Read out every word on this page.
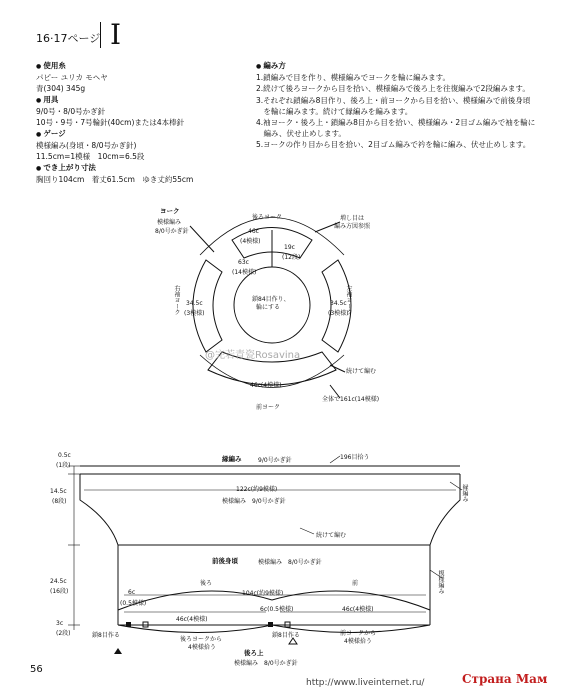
16·17ページ I
● 使用糸
パピー ユリカ モヘヤ
青(304) 345g
● 用具
9/0号・8/0号かぎ針
10号・9号・7号輪針(40cm)または4本棒針
● ゲージ
模様編み(身頃・8/0号かぎ針)
11.5cm=1模様　10cm=6.5段
● でき上がり寸法
胸回り104cm　着丈61.5cm　ゆき丈約55cm
● 編み方
1.鎖編みで目を作り、模様編みでヨークを輪に編みます。
2.続けて後ろヨークから目を拾い、模様編みで後ろ上を往復編みで2段編みます。
3.それぞれ鎖編み8目作り、後ろ上・前ヨークから目を拾い、模様編みで前後身頃
　を輪に編みます。続けて縁編みを編みます。
4.袖ヨーク・後ろ上・鎖編み8目から目を拾い、模様編み・2目ゴム編みで袖を輪に
　編み、伏せ止めします。
5.ヨークの作り目から目を拾い、2目ゴム編みで衿を輪に編み、伏せ止めします。
ヨーク
模様編み
8/0号かぎ針
後ろヨーク	増し目は
編み方図参照
46c
(4模様)
19c
(12段)
63c
(14模様)
鎖84目作り、
輪にする	左袖ヨーク
右袖ヨーク 34.5c
(3模様)
34.5c
(3模様)
続けて編む
46c(4模様)
前ヨーク
全体で161c(14模様)
@完若青瓷Rosavina
縁編み	9/0号かぎ針	196目拾う
0.5c
(1段)
122c(約9模様)
模様編み　9/0号かぎ針
14.5c
(8段)
続けて編む
縁編み
前後身頃	模様編み　8/0号かぎ針
後ろ	前	模様編み
24.5c
(16段)	104c(約9模様)
6c
(0.5模様)
6c(0.5模様)
46c(4模様)
46c(4模様)
3c
(2段)	鎖8目作る	鎖8目作る
後ろヨークから
4模様拾う
前ヨークから
4模様拾う
後ろ上
模様編み　8/0号かぎ針
56
http://www.liveinternet.ru/	Страна Мам
